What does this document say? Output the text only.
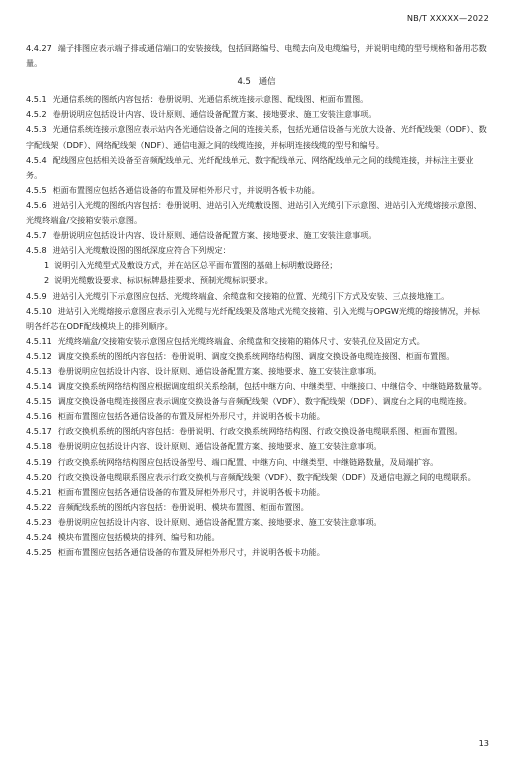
NB/T XXXXX—2022

4.4.27 端子排图应表示端子排或通信端口的安装接线，包括回路编号、电缆去向及电缆编号，并说明电缆的型号规格和备用芯数量。

4.5 通信

4.5.1 光通信系统的图纸内容包括：卷册说明、光通信系统连接示意图、配线图、柜面布置图。

4.5.2 卷册说明应包括设计内容、设计原则、通信设备配置方案、接地要求、施工安装注意事项。

4.5.3 光通信系统连接示意图应表示站内各光通信设备之间的连接关系，包括光通信设备与光放大设备、光纤配线架（ODF）、数字配线架（DDF）、网络配线架（NDF）、通信电源之间的线缆连接，并标明连接线缆的型号和编号。

4.5.4 配线图应包括相关设备至音频配线单元、光纤配线单元、数字配线单元、网络配线单元之间的线缆连接，并标注主要业务。

4.5.5 柜面布置图应包括各通信设备的布置及屏柜外形尺寸，并说明各板卡功能。

4.5.6 进站引入光缆的图纸内容包括：卷册说明、进站引入光缆敷设图、进站引入光缆引下示意图、进站引入光缆熔接示意图、光缆终端盒/交接箱安装示意图。

4.5.7 卷册说明应包括设计内容、设计原则、通信设备配置方案、接地要求、施工安装注意事项。

4.5.8 进站引入光缆敷设图的图纸深度应符合下列规定：

1 说明引入光缆型式及敷设方式，并在站区总平面布置图的基础上标明敷设路径；

2 说明光缆敷设要求、标识标牌悬挂要求、预制光缆标识要求。

4.5.9 进站引入光缆引下示意图应包括、光缆终端盒、余缆盘和交接箱的位置、光缆引下方式及安装、三点接地施工。

4.5.10 进站引入光缆熔接示意图应表示引入光缆与光纤配线架及落地式光缆交接箱、引入光缆与OPGW光缆的熔接情况，并标明各纤芯在ODF配线模块上的排列顺序。

4.5.11 光缆终端盒/交接箱安装示意图应包括光缆终端盒、余缆盘和交接箱的箱体尺寸、安装孔位及固定方式。

4.5.12 调度交换系统的图纸内容包括：卷册说明、调度交换系统网络结构图、调度交换设备电缆连接图、柜面布置图。

4.5.13 卷册说明应包括设计内容、设计原则、通信设备配置方案、接地要求、施工安装注意事项。

4.5.14 调度交换系统网络结构图应根据调度组织关系绘制，包括中继方向、中继类型、中继接口、中继信令、中继链路数量等。

4.5.15 调度交换设备电缆连接图应表示调度交换设备与音频配线架（VDF）、数字配线架（DDF）、调度台之间的电缆连接。

4.5.16 柜面布置图应包括各通信设备的布置及屏柜外形尺寸，并说明各板卡功能。

4.5.17 行政交换机系统的图纸内容包括：卷册说明、行政交换系统网络结构图、行政交换设备电缆联系图、柜面布置图。

4.5.18 卷册说明应包括设计内容、设计原则、通信设备配置方案、接地要求、施工安装注意事项。

4.5.19 行政交换系统网络结构图应包括设备型号、端口配置、中继方向、中继类型、中继链路数量，及局端扩容。

4.5.20 行政交换设备电缆联系图应表示行政交换机与音频配线架（VDF）、数字配线架（DDF）及通信电源之间的电缆联系。

4.5.21 柜面布置图应包括各通信设备的布置及屏柜外形尺寸，并说明各板卡功能。

4.5.22 音频配线系统的图纸内容包括：卷册说明、模块布置图、柜面布置图。

4.5.23 卷册说明应包括设计内容、设计原则、通信设备配置方案、接地要求、施工安装注意事项。

4.5.24 模块布置图应包括模块的排列、编号和功能。

4.5.25 柜面布置图应包括各通信设备的布置及屏柜外形尺寸，并说明各板卡功能。

13
